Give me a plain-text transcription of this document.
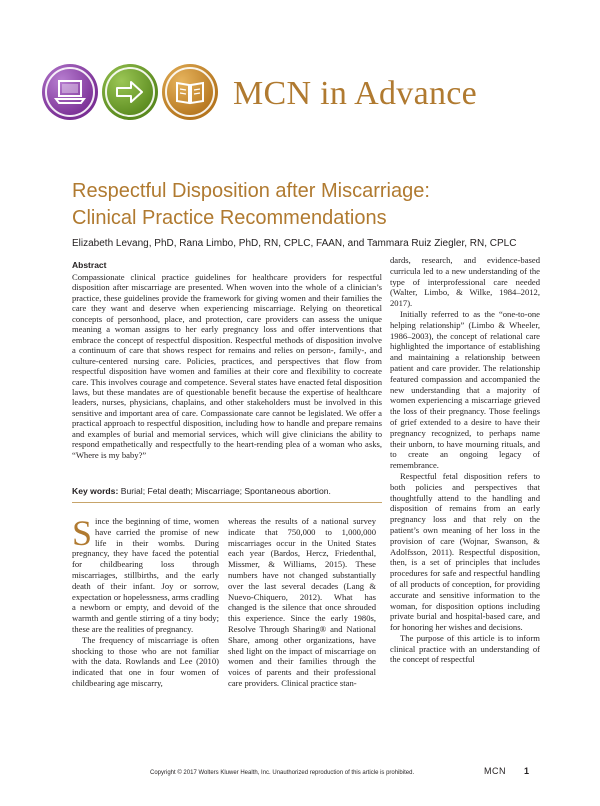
MCN in Advance
Respectful Disposition after Miscarriage:
Clinical Practice Recommendations
Elizabeth Levang, PhD, Rana Limbo, PhD, RN, CPLC, FAAN, and Tammara Ruiz Ziegler, RN, CPLC
Abstract

Compassionate clinical practice guidelines for healthcare providers for respectful disposition after miscarriage are presented. When woven into the whole of a clinician’s practice, these guidelines provide the framework for giving women and their families the care they want and deserve when experiencing miscarriage. Relying on theoretical concepts of personhood, place, and protection, care providers can assess the unique meaning a woman assigns to her early pregnancy loss and offer interventions that embrace the concept of respectful disposition. Respectful methods of disposition involve a continuum of care that shows respect for remains and relies on person-, family-, and culture-centered nursing care. Policies, practices, and perspectives that flow from respectful disposition have women and families at their core and flexibility to cocreate care. This involves courage and competence. Several states have enacted fetal disposition laws, but these mandates are of questionable benefit because the expertise of healthcare leaders, nurses, physicians, chaplains, and other stakeholders must be involved in this sensitive and important area of care. Compassionate care cannot be legislated. We offer a practical approach to respectful disposition, including how to handle and prepare remains and examples of burial and memorial services, which will give clinicians the ability to respond empathetically and respectfully to the heart-rending plea of a woman who asks, “Where is my baby?”

Key words: Burial; Fetal death; Miscarriage; Spontaneous abortion.
S ince the beginning of time, women have carried the promise of new life in their wombs. During pregnancy, they have faced the potential for childbearing loss through miscarriages, stillbirths, and the early death of their infant. Joy or sorrow, expectation or hopelessness, arms cradling a newborn or empty, and devoid of the warmth and gentle stirring of a tiny body; these are the realities of pregnancy.

The frequency of miscarriage is often shocking to those who are not familiar with the data. Rowlands and Lee (2010) indicated that one in four women of childbearing age miscarry,

whereas the results of a national survey indicate that 750,000 to 1,000,000 miscarriages occur in the United States each year (Bardos, Hercz, Friedenthal, Missmer, & Williams, 2015). These numbers have not changed substantially over the last several decades (Lang & Nuevo-Chiquero, 2012). What has changed is the silence that once shrouded this experience. Since the early 1980s, Resolve Through Sharing® and National Share, among other organizations, have shed light on the impact of miscarriage on women and their families through the voices of parents and their professional care providers. Clinical practice stan-

dards, research, and evidence-based curricula led to a new understanding of the type of interprofessional care needed (Walter, Limbo, & Wilke, 1984–2012, 2017).

Initially referred to as the “one-to-one helping relationship” (Limbo & Wheeler, 1986–2003), the concept of relational care highlighted the importance of establishing and maintaining a relationship between patient and care provider. The relationship featured compassion and accompanied the new understanding that a majority of women experiencing a miscarriage grieved the loss of their pregnancy. Those feelings of grief extended to a desire to have their pregnancy recognized, to perhaps name their unborn, to have mourning rituals, and to create an ongoing legacy of remembrance.

Respectful fetal disposition refers to both policies and perspectives that thoughtfully attend to the handling and disposition of remains from an early pregnancy loss and that rely on the patient’s own meaning of her loss in the provision of care (Wojnar, Swanson, & Adolfsson, 2011). Respectful disposition, then, is a set of principles that includes procedures for safe and respectful handling of all products of conception, for providing accurate and sensitive information to the woman, for disposition options including private burial and hospital-based care, and for honoring her wishes and decisions.

The purpose of this article is to inform clinical practice with an understanding of the concept of respectful

Copyright © 2017 Wolters Kluwer Health, Inc. Unauthorized reproduction of this article is prohibited.	MCN 1
